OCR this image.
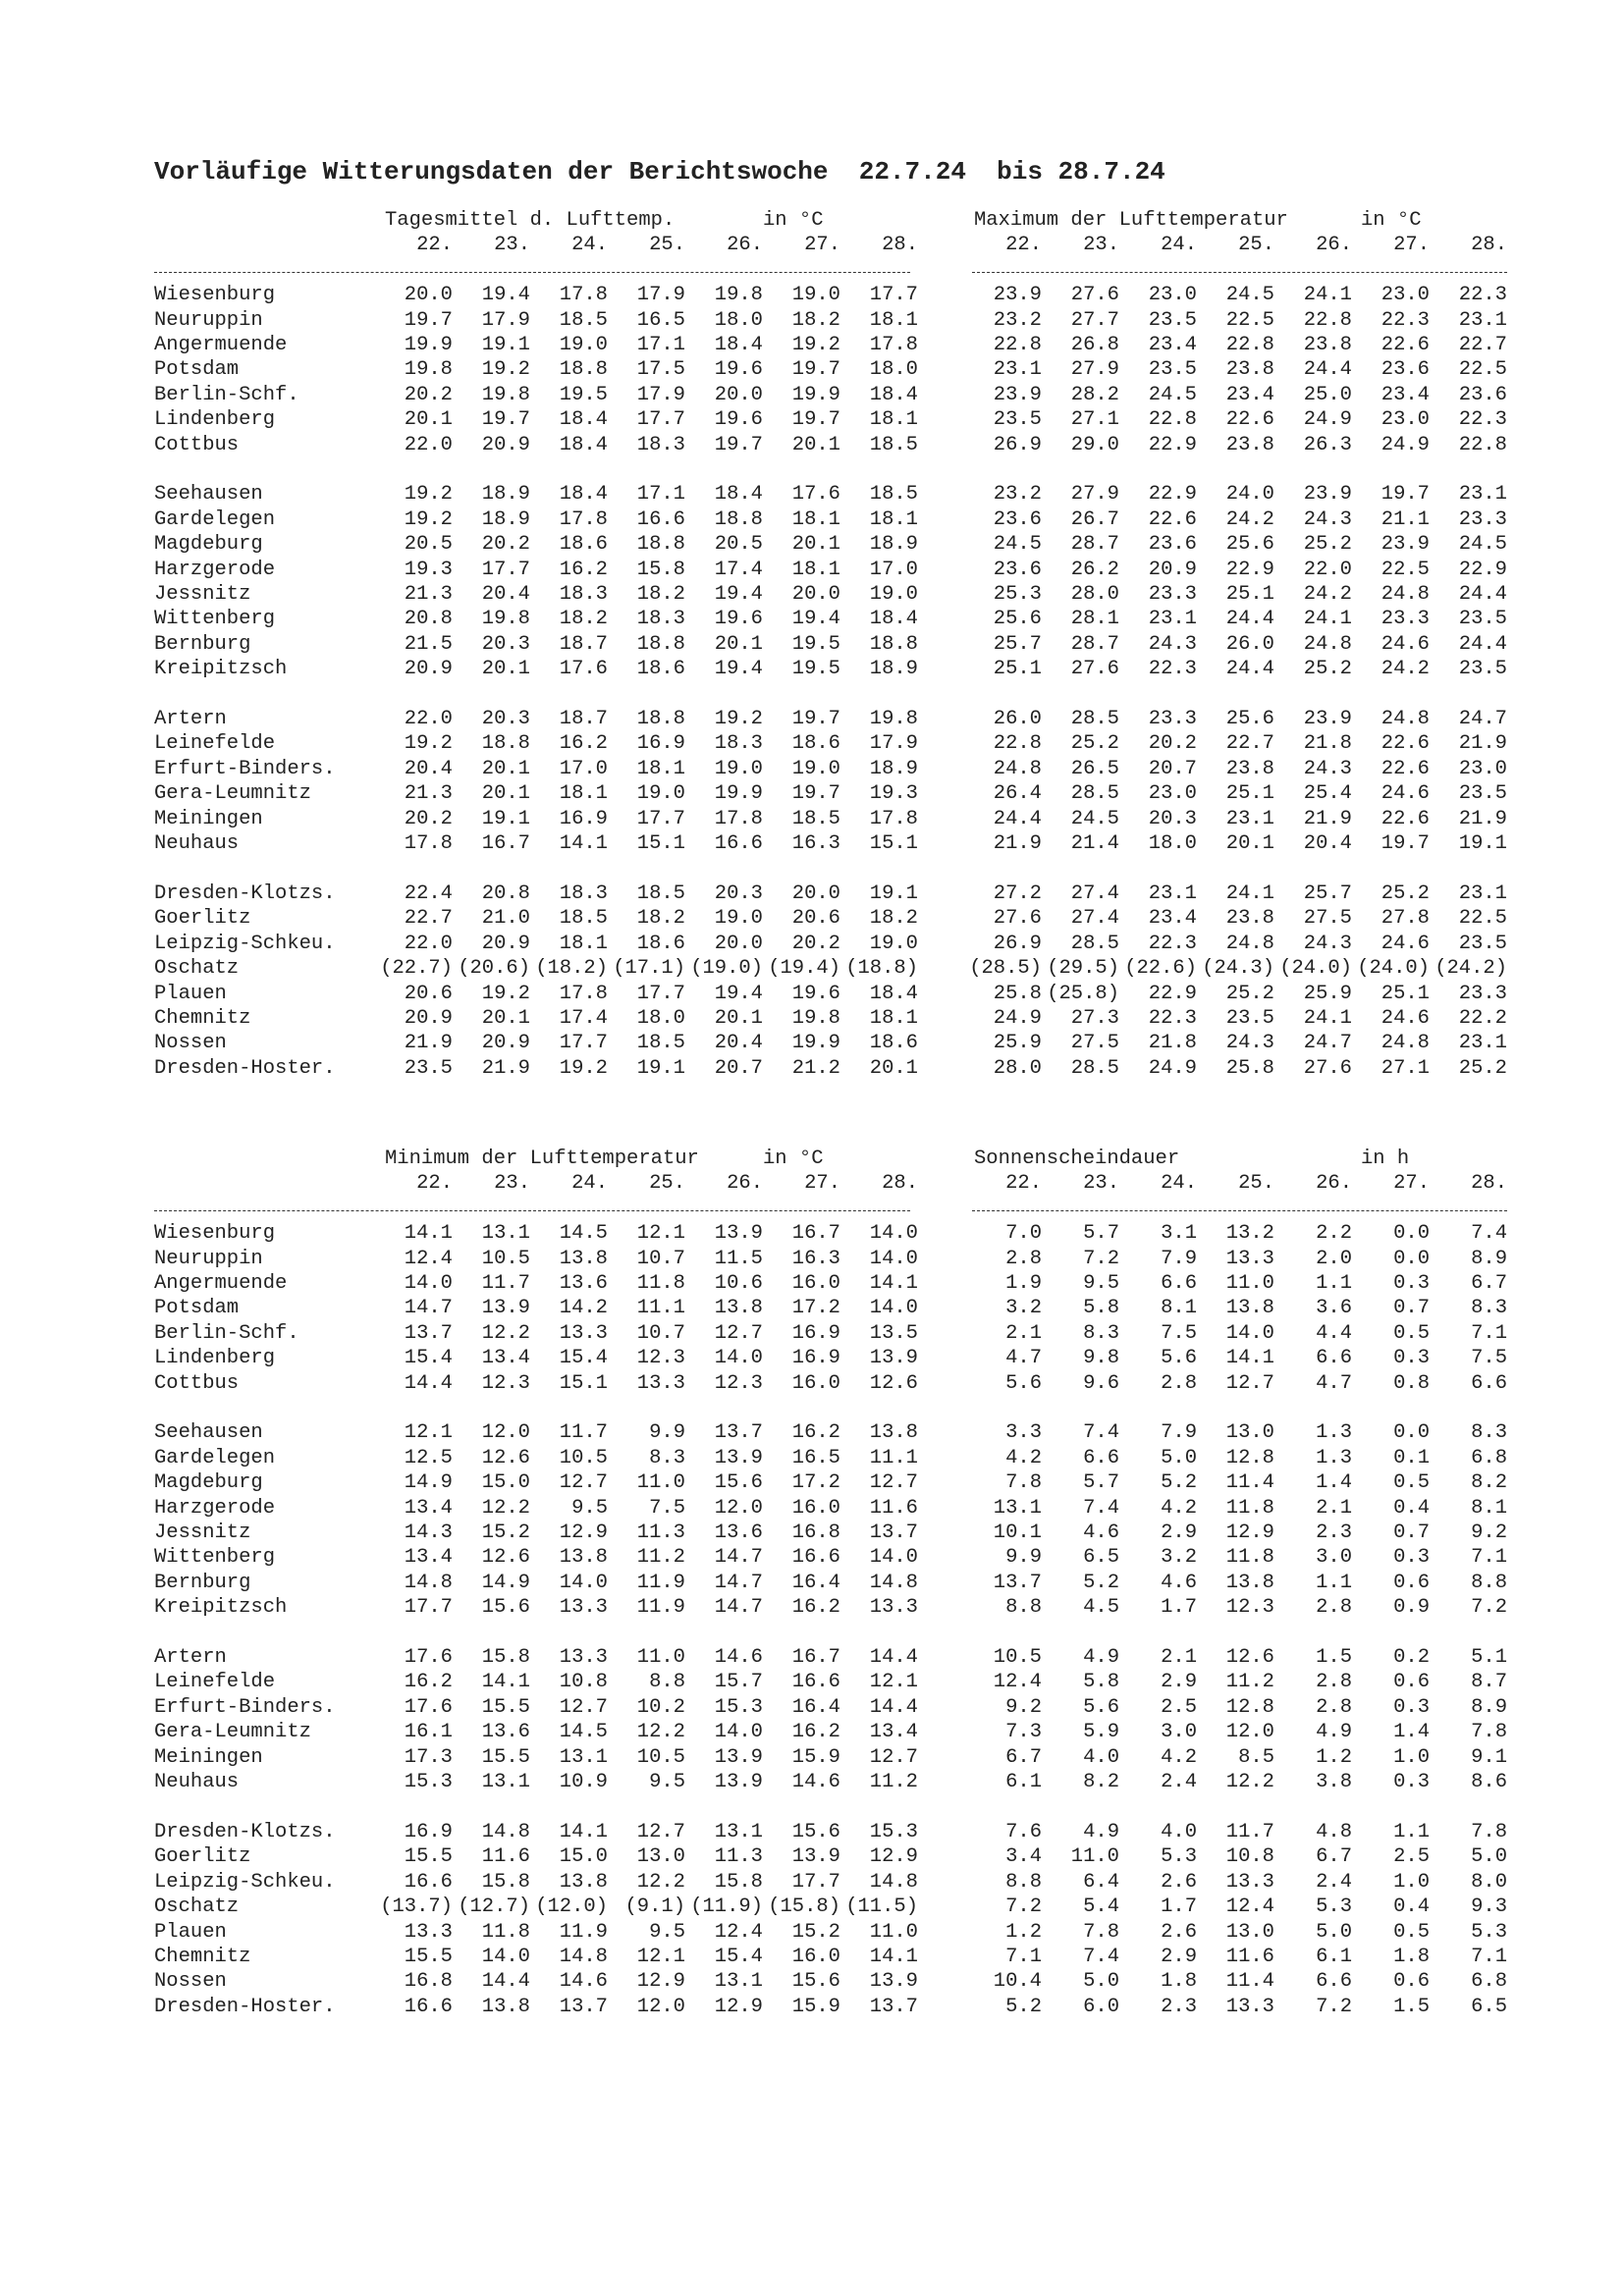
Vorläufige Witterungsdaten der Berichtswoche  22.7.24  bis 28.7.24

	Tagesmittel d. Lufttemp. in °C								Maximum der Lufttemperatur in °C						

	22.	23.	24.	25.	26.	27.	28.		22.	23.	24.	25.	26.	27.	28.

Wiesenburg	20.0	19.4	17.8	17.9	19.8	19.0	17.7		23.9	27.6	23.0	24.5	24.1	23.0	22.3
Neuruppin	19.7	17.9	18.5	16.5	18.0	18.2	18.1		23.2	27.7	23.5	22.5	22.8	22.3	23.1
Angermuende	19.9	19.1	19.0	17.1	18.4	19.2	17.8		22.8	26.8	23.4	22.8	23.8	22.6	22.7
Potsdam	19.8	19.2	18.8	17.5	19.6	19.7	18.0		23.1	27.9	23.5	23.8	24.4	23.6	22.5
Berlin-Schf.	20.2	19.8	19.5	17.9	20.0	19.9	18.4		23.9	28.2	24.5	23.4	25.0	23.4	23.6
Lindenberg	20.1	19.7	18.4	17.7	19.6	19.7	18.1		23.5	27.1	22.8	22.6	24.9	23.0	22.3
Cottbus	22.0	20.9	18.4	18.3	19.7	20.1	18.5		26.9	29.0	22.9	23.8	26.3	24.9	22.8

Seehausen	19.2	18.9	18.4	17.1	18.4	17.6	18.5		23.2	27.9	22.9	24.0	23.9	19.7	23.1
Gardelegen	19.2	18.9	17.8	16.6	18.8	18.1	18.1		23.6	26.7	22.6	24.2	24.3	21.1	23.3
Magdeburg	20.5	20.2	18.6	18.8	20.5	20.1	18.9		24.5	28.7	23.6	25.6	25.2	23.9	24.5
Harzgerode	19.3	17.7	16.2	15.8	17.4	18.1	17.0		23.6	26.2	20.9	22.9	22.0	22.5	22.9
Jessnitz	21.3	20.4	18.3	18.2	19.4	20.0	19.0		25.3	28.0	23.3	25.1	24.2	24.8	24.4
Wittenberg	20.8	19.8	18.2	18.3	19.6	19.4	18.4		25.6	28.1	23.1	24.4	24.1	23.3	23.5
Bernburg	21.5	20.3	18.7	18.8	20.1	19.5	18.8		25.7	28.7	24.3	26.0	24.8	24.6	24.4
Kreipitzsch	20.9	20.1	17.6	18.6	19.4	19.5	18.9		25.1	27.6	22.3	24.4	25.2	24.2	23.5

Artern	22.0	20.3	18.7	18.8	19.2	19.7	19.8		26.0	28.5	23.3	25.6	23.9	24.8	24.7
Leinefelde	19.2	18.8	16.2	16.9	18.3	18.6	17.9		22.8	25.2	20.2	22.7	21.8	22.6	21.9
Erfurt-Binders.	20.4	20.1	17.0	18.1	19.0	19.0	18.9		24.8	26.5	20.7	23.8	24.3	22.6	23.0
Gera-Leumnitz	21.3	20.1	18.1	19.0	19.9	19.7	19.3		26.4	28.5	23.0	25.1	25.4	24.6	23.5
Meiningen	20.2	19.1	16.9	17.7	17.8	18.5	17.8		24.4	24.5	20.3	23.1	21.9	22.6	21.9
Neuhaus	17.8	16.7	14.1	15.1	16.6	16.3	15.1		21.9	21.4	18.0	20.1	20.4	19.7	19.1

Dresden-Klotzs.	22.4	20.8	18.3	18.5	20.3	20.0	19.1		27.2	27.4	23.1	24.1	25.7	25.2	23.1
Goerlitz	22.7	21.0	18.5	18.2	19.0	20.6	18.2		27.6	27.4	23.4	23.8	27.5	27.8	22.5
Leipzig-Schkeu.	22.0	20.9	18.1	18.6	20.0	20.2	19.0		26.9	28.5	22.3	24.8	24.3	24.6	23.5
Oschatz	(22.7)	(20.6)	(18.2)	(17.1)	(19.0)	(19.4)	(18.8)		(28.5)	(29.5)	(22.6)	(24.3)	(24.0)	(24.0)	(24.2)
Plauen	20.6	19.2	17.8	17.7	19.4	19.6	18.4		25.8	(25.8)	22.9	25.2	25.9	25.1	23.3
Chemnitz	20.9	20.1	17.4	18.0	20.1	19.8	18.1		24.9	27.3	22.3	23.5	24.1	24.6	22.2
Nossen	21.9	20.9	17.7	18.5	20.4	19.9	18.6		25.9	27.5	21.8	24.3	24.7	24.8	23.1
Dresden-Hoster.	23.5	21.9	19.2	19.1	20.7	21.2	20.1		28.0	28.5	24.9	25.8	27.6	27.1	25.2

	Minimum der Lufttemperatur in °C								Sonnenscheindauer in h						

	22.	23.	24.	25.	26.	27.	28.		22.	23.	24.	25.	26.	27.	28.

Wiesenburg	14.1	13.1	14.5	12.1	13.9	16.7	14.0		7.0	5.7	3.1	13.2	2.2	0.0	7.4
Neuruppin	12.4	10.5	13.8	10.7	11.5	16.3	14.0		2.8	7.2	7.9	13.3	2.0	0.0	8.9
Angermuende	14.0	11.7	13.6	11.8	10.6	16.0	14.1		1.9	9.5	6.6	11.0	1.1	0.3	6.7
Potsdam	14.7	13.9	14.2	11.1	13.8	17.2	14.0		3.2	5.8	8.1	13.8	3.6	0.7	8.3
Berlin-Schf.	13.7	12.2	13.3	10.7	12.7	16.9	13.5		2.1	8.3	7.5	14.0	4.4	0.5	7.1
Lindenberg	15.4	13.4	15.4	12.3	14.0	16.9	13.9		4.7	9.8	5.6	14.1	6.6	0.3	7.5
Cottbus	14.4	12.3	15.1	13.3	12.3	16.0	12.6		5.6	9.6	2.8	12.7	4.7	0.8	6.6

Seehausen	12.1	12.0	11.7	9.9	13.7	16.2	13.8		3.3	7.4	7.9	13.0	1.3	0.0	8.3
Gardelegen	12.5	12.6	10.5	8.3	13.9	16.5	11.1		4.2	6.6	5.0	12.8	1.3	0.1	6.8
Magdeburg	14.9	15.0	12.7	11.0	15.6	17.2	12.7		7.8	5.7	5.2	11.4	1.4	0.5	8.2
Harzgerode	13.4	12.2	9.5	7.5	12.0	16.0	11.6		13.1	7.4	4.2	11.8	2.1	0.4	8.1
Jessnitz	14.3	15.2	12.9	11.3	13.6	16.8	13.7		10.1	4.6	2.9	12.9	2.3	0.7	9.2
Wittenberg	13.4	12.6	13.8	11.2	14.7	16.6	14.0		9.9	6.5	3.2	11.8	3.0	0.3	7.1
Bernburg	14.8	14.9	14.0	11.9	14.7	16.4	14.8		13.7	5.2	4.6	13.8	1.1	0.6	8.8
Kreipitzsch	17.7	15.6	13.3	11.9	14.7	16.2	13.3		8.8	4.5	1.7	12.3	2.8	0.9	7.2

Artern	17.6	15.8	13.3	11.0	14.6	16.7	14.4		10.5	4.9	2.1	12.6	1.5	0.2	5.1
Leinefelde	16.2	14.1	10.8	8.8	15.7	16.6	12.1		12.4	5.8	2.9	11.2	2.8	0.6	8.7
Erfurt-Binders.	17.6	15.5	12.7	10.2	15.3	16.4	14.4		9.2	5.6	2.5	12.8	2.8	0.3	8.9
Gera-Leumnitz	16.1	13.6	14.5	12.2	14.0	16.2	13.4		7.3	5.9	3.0	12.0	4.9	1.4	7.8
Meiningen	17.3	15.5	13.1	10.5	13.9	15.9	12.7		6.7	4.0	4.2	8.5	1.2	1.0	9.1
Neuhaus	15.3	13.1	10.9	9.5	13.9	14.6	11.2		6.1	8.2	2.4	12.2	3.8	0.3	8.6

Dresden-Klotzs.	16.9	14.8	14.1	12.7	13.1	15.6	15.3		7.6	4.9	4.0	11.7	4.8	1.1	7.8
Goerlitz	15.5	11.6	15.0	13.0	11.3	13.9	12.9		3.4	11.0	5.3	10.8	6.7	2.5	5.0
Leipzig-Schkeu.	16.6	15.8	13.8	12.2	15.8	17.7	14.8		8.8	6.4	2.6	13.3	2.4	1.0	8.0
Oschatz	(13.7)	(12.7)	(12.0)	(9.1)	(11.9)	(15.8)	(11.5)		7.2	5.4	1.7	12.4	5.3	0.4	9.3
Plauen	13.3	11.8	11.9	9.5	12.4	15.2	11.0		1.2	7.8	2.6	13.0	5.0	0.5	5.3
Chemnitz	15.5	14.0	14.8	12.1	15.4	16.0	14.1		7.1	7.4	2.9	11.6	6.1	1.8	7.1
Nossen	16.8	14.4	14.6	12.9	13.1	15.6	13.9		10.4	5.0	1.8	11.4	6.6	0.6	6.8
Dresden-Hoster.	16.6	13.8	13.7	12.0	12.9	15.9	13.7		5.2	6.0	2.3	13.3	7.2	1.5	6.5
